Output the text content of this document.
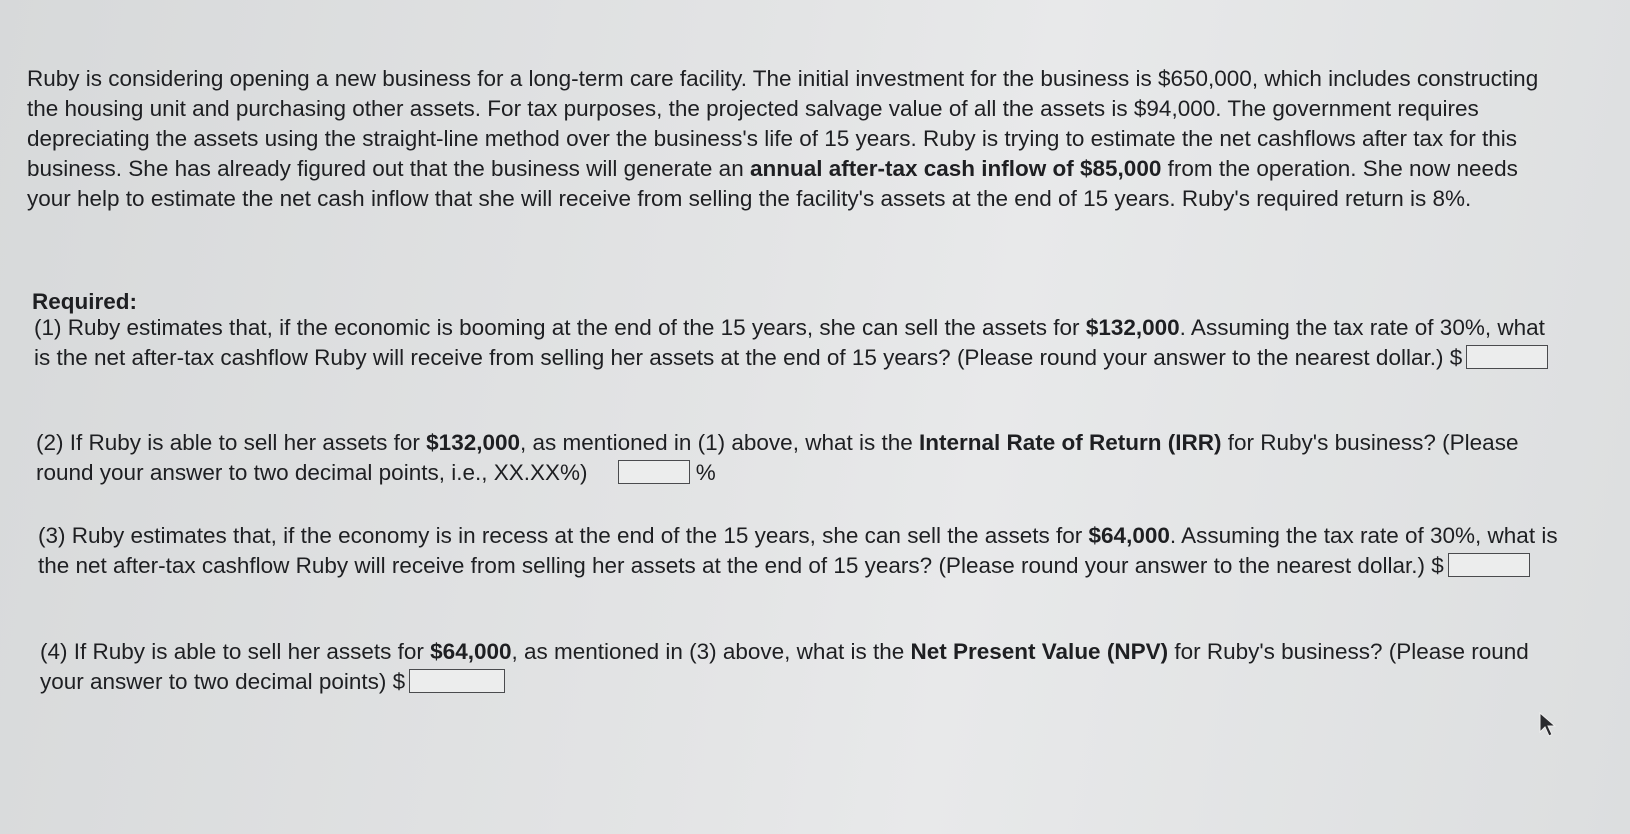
Ruby is considering opening a new business for a long-term care facility. The initial investment for the business is $650,000, which includes constructing the housing unit and purchasing other assets. For tax purposes, the projected salvage value of all the assets is $94,000. The government requires depreciating the assets using the straight-line method over the business's life of 15 years. Ruby is trying to estimate the net cashflows after tax for this business. She has already figured out that the business will generate an annual after-tax cash inflow of $85,000 from the operation. She now needs your help to estimate the net cash inflow that she will receive from selling the facility's assets at the end of 15 years. Ruby's required return is 8%.

Required:

(1) Ruby estimates that, if the economic is booming at the end of the 15 years, she can sell the assets for $132,000. Assuming the tax rate of 30%, what is the net after-tax cashflow Ruby will receive from selling her assets at the end of 15 years? (Please round your answer to the nearest dollar.) $

(2) If Ruby is able to sell her assets for $132,000, as mentioned in (1) above, what is the Internal Rate of Return (IRR) for Ruby's business? (Please round your answer to two decimal points, i.e., XX.XX%)	%

(3) Ruby estimates that, if the economy is in recess at the end of the 15 years, she can sell the assets for $64,000. Assuming the tax rate of 30%, what is the net after-tax cashflow Ruby will receive from selling her assets at the end of 15 years? (Please round your answer to the nearest dollar.) $

(4) If Ruby is able to sell her assets for $64,000, as mentioned in (3) above, what is the Net Present Value (NPV) for Ruby's business? (Please round your answer to two decimal points) $
